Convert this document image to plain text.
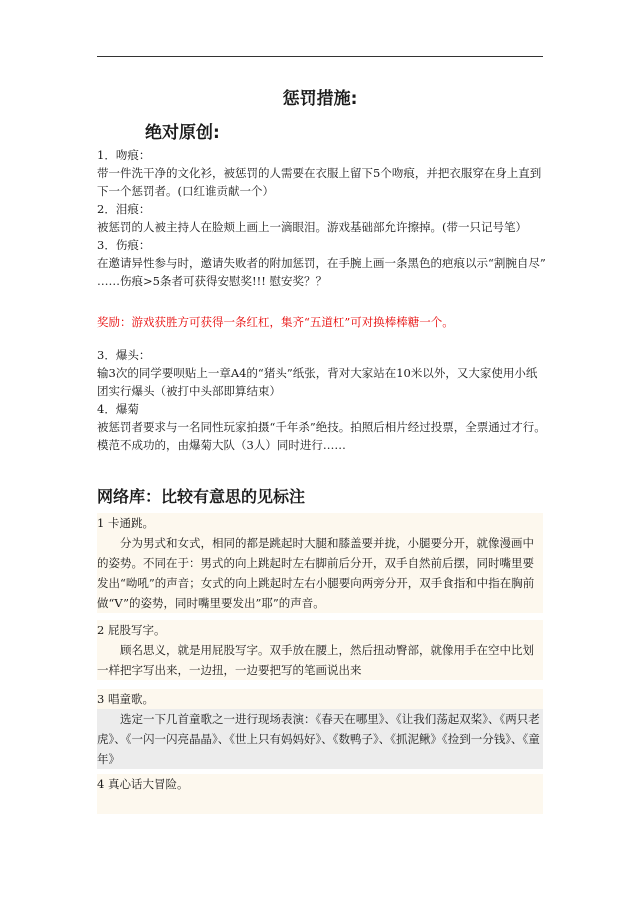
惩罚措施:
绝对原创:
1．吻痕：
带一件洗干净的文化衫，被惩罚的人需要在衣服上留下5个吻痕，并把衣服穿在身上直到下一个惩罚者。(口红谁贡献一个）
2．泪痕：
被惩罚的人被主持人在脸颊上画上一滴眼泪。游戏基础部允许擦掉。(带一只记号笔）
3．伤痕：
在邀请异性参与时，邀请失败者的附加惩罚，在手腕上画一条黑色的疤痕以示“割腕自尽” ……伤痕>5条者可获得安慰奖!!! 慰安奖？？
奖励：游戏获胜方可获得一条红杠，集齐“五道杠”可对换棒棒糖一个。
3．爆头：
输3次的同学要呗贴上一章A4的“猪头”纸张，背对大家站在10米以外，又大家使用小纸团实行爆头（被打中头部即算结束）
4．爆菊
被惩罚者要求与一名同性玩家拍摄“千年杀”绝技。拍照后相片经过投票，全票通过才行。模范不成功的，由爆菊大队（3人）同时进行……
网络库：比较有意思的见标注

1 卡通跳。

分为男式和女式，相同的都是跳起时大腿和膝盖要并拢，小腿要分开，就像漫画中的姿势。不同在于：男式的向上跳起时左右脚前后分开，双手自然前后摆，同时嘴里要发出“呦吼”的声音；女式的向上跳起时左右小腿要向两旁分开，双手食指和中指在胸前做“V”的姿势，同时嘴里要发出”耶”的声音。

2 屁股写字。

顾名思义，就是用屁股写字。双手放在腰上，然后扭动臀部，就像用手在空中比划一样把字写出来，一边扭，一边要把写的笔画说出来

3 唱童歌。

选定一下几首童歌之一进行现场表演：《春天在哪里》、《让我们荡起双桨》、《两只老虎》、《一闪一闪亮晶晶》、《世上只有妈妈好》、《数鸭子》、《抓泥鳅》《捡到一分钱》、《童年》

4 真心话大冒险。
